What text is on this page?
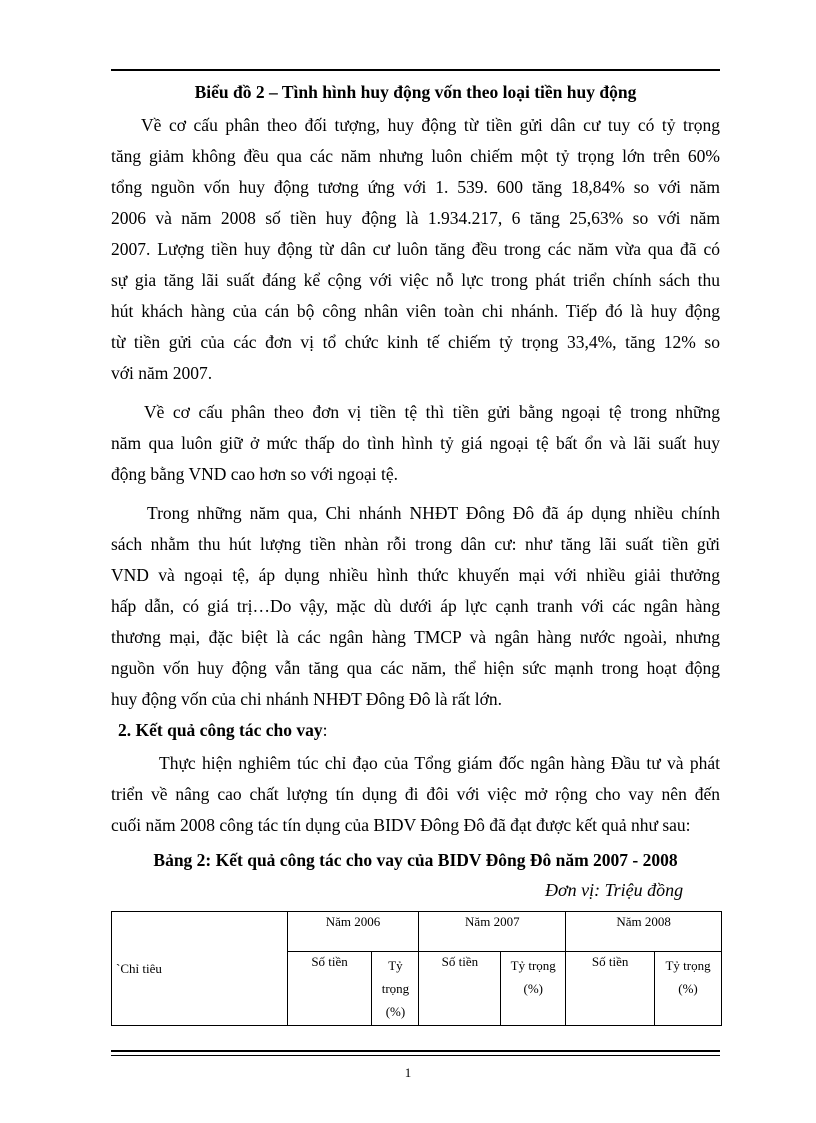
Biểu đồ 2 – Tình hình huy động vốn theo loại tiền huy động
Về cơ cấu phân theo đối tượng, huy động từ tiền gửi dân cư tuy có tỷ trọng
tăng giảm không đều qua các năm nhưng luôn chiếm một tỷ trọng lớn trên 60%
tổng nguồn vốn huy động tương ứng với 1. 539. 600 tăng 18,84% so với năm
2006 và năm 2008 số tiền huy động là 1.934.217, 6 tăng 25,63% so với năm
2007. Lượng tiền huy động từ dân cư luôn tăng đều trong các năm vừa qua đã có
sự gia tăng lãi suất đáng kể cộng với việc nỗ lực trong phát triển chính sách thu
hút khách hàng của cán bộ công nhân viên toàn chi nhánh. Tiếp đó là huy động
từ tiền gửi của các đơn vị tổ chức kinh tế chiếm tỷ trọng 33,4%, tăng 12% so
với năm 2007.
Về cơ cấu phân theo đơn vị tiền tệ thì tiền gửi bằng ngoại tệ trong những
năm qua luôn giữ ở mức thấp do tình hình tỷ giá ngoại tệ bất ổn và lãi suất huy
động bằng VND cao hơn so với ngoại tệ.
Trong những năm qua, Chi nhánh NHĐT Đông Đô đã áp dụng nhiều chính
sách nhằm thu hút lượng tiền nhàn rỗi trong dân cư: như tăng lãi suất tiền gửi
VND và ngoại tệ, áp dụng nhiều hình thức khuyến mại với nhiều giải thưởng
hấp dẫn, có giá trị…Do vậy, mặc dù dưới áp lực cạnh tranh với các ngân hàng
thương mại, đặc biệt là các ngân hàng TMCP và ngân hàng nước ngoài, nhưng
nguồn vốn huy động vẫn tăng qua các năm, thể hiện sức mạnh trong hoạt động
huy động vốn của chi nhánh NHĐT Đông Đô là rất lớn.
2. Kết quả công tác cho vay:
Thực hiện nghiêm túc chỉ đạo của Tổng giám đốc ngân hàng Đầu tư và phát
triển về nâng cao chất lượng tín dụng đi đôi với việc mở rộng cho vay nên đến
cuối năm 2008 công tác tín dụng của BIDV Đông Đô đã đạt được kết quả như sau:
Bảng 2: Kết quả công tác cho vay của BIDV Đông Đô năm 2007 - 2008
Đơn vị: Triệu đồng
`Chỉ tiêu	Năm 2006		Năm 2007		Năm 2008	
	Số tiền	Tỷ trọng (%)	Số tiền	Tỷ trọng (%)	Số tiền	Tỷ trọng (%)
1
